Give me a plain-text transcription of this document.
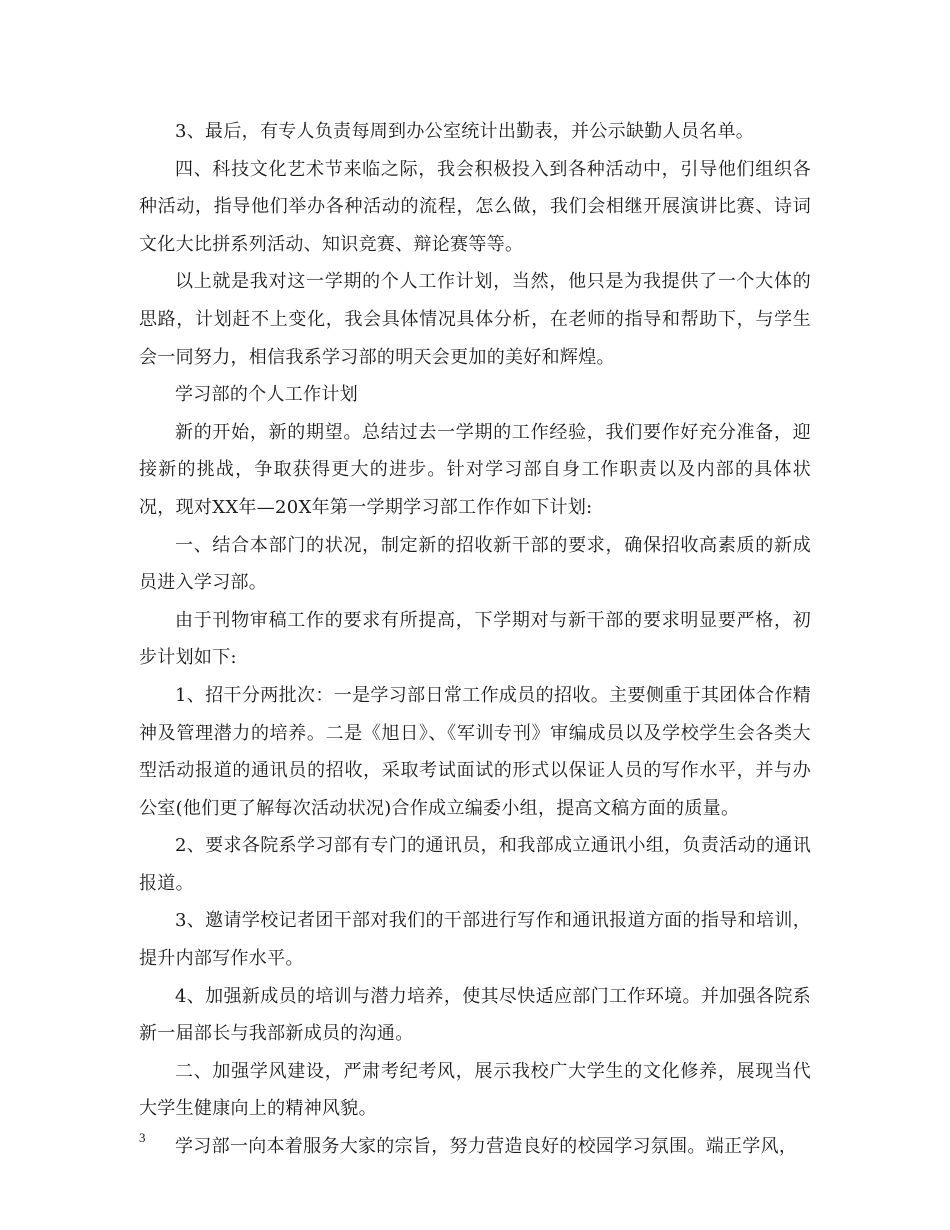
3、最后，有专人负责每周到办公室统计出勤表，并公示缺勤人员名单。

四、科技文化艺术节来临之际，我会积极投入到各种活动中，引导他们组织各种活动，指导他们举办各种活动的流程，怎么做，我们会相继开展演讲比赛、诗词文化大比拼系列活动、知识竞赛、辩论赛等等。

以上就是我对这一学期的个人工作计划，当然，他只是为我提供了一个大体的思路，计划赶不上变化，我会具体情况具体分析，在老师的指导和帮助下，与学生会一同努力，相信我系学习部的明天会更加的美好和辉煌。

学习部的个人工作计划

新的开始，新的期望。总结过去一学期的工作经验，我们要作好充分准备，迎接新的挑战，争取获得更大的进步。针对学习部自身工作职责以及内部的具体状况，现对XX年—20X年第一学期学习部工作作如下计划:

一、结合本部门的状况，制定新的招收新干部的要求，确保招收高素质的新成员进入学习部。

由于刊物审稿工作的要求有所提高，下学期对与新干部的要求明显要严格，初步计划如下:

1、招干分两批次：一是学习部日常工作成员的招收。主要侧重于其团体合作精神及管理潜力的培养。二是《旭日》、《军训专刊》审编成员以及学校学生会各类大型活动报道的通讯员的招收，采取考试面试的形式以保证人员的写作水平，并与办公室(他们更了解每次活动状况)合作成立编委小组，提高文稿方面的质量。

2、要求各院系学习部有专门的通讯员，和我部成立通讯小组，负责活动的通讯报道。

3、邀请学校记者团干部对我们的干部进行写作和通讯报道方面的指导和培训，提升内部写作水平。

4、加强新成员的培训与潜力培养，使其尽快适应部门工作环境。并加强各院系新一届部长与我部新成员的沟通。

二、加强学风建设，严肃考纪考风，展示我校广大学生的文化修养，展现当代大学生健康向上的精神风貌。

学习部一向本着服务大家的宗旨，努力营造良好的校园学习氛围。端正学风，

3
